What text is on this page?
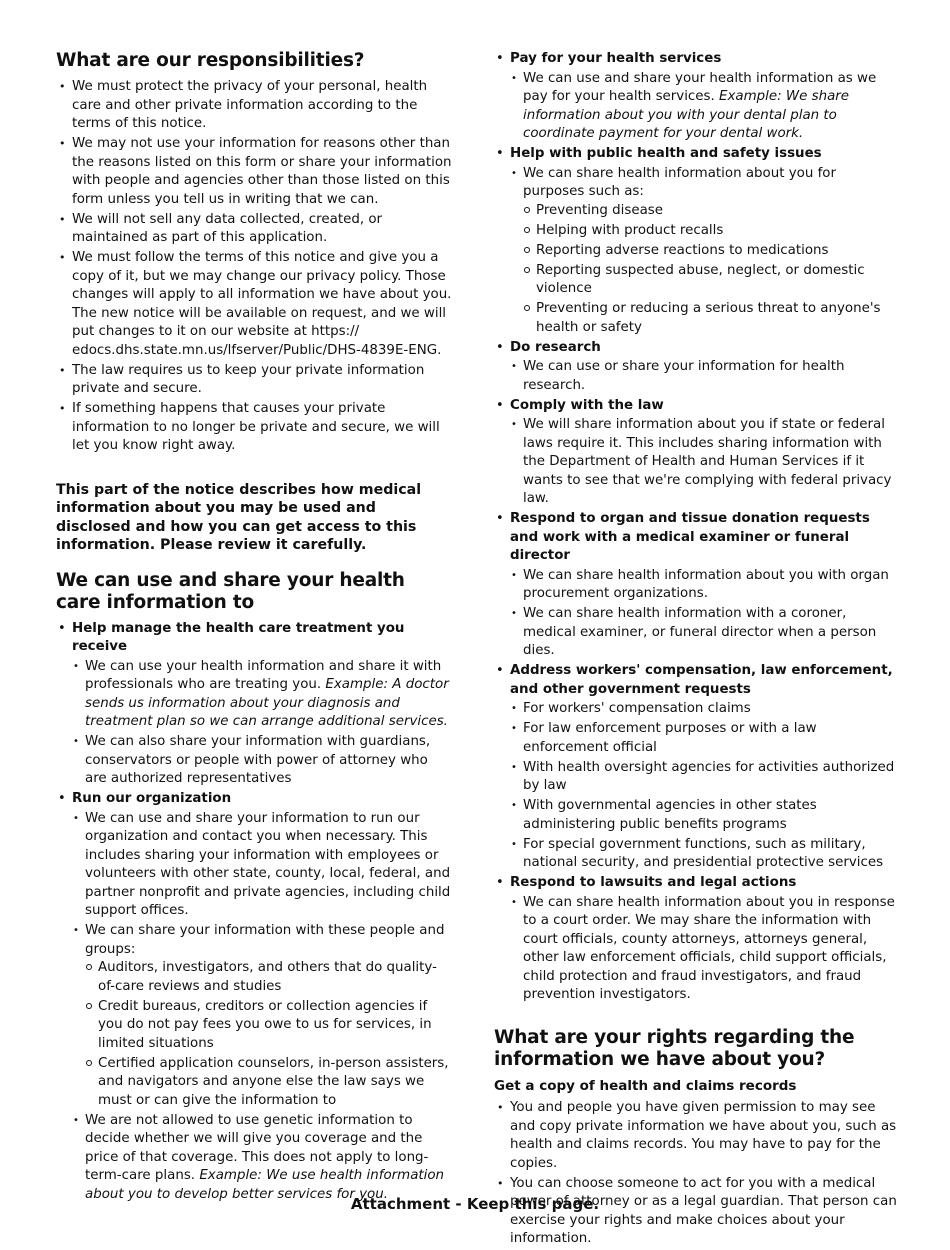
What are our responsibilities?
• We must protect the privacy of your personal, health care and other private information according to the terms of this notice.
• We may not use your information for reasons other than the reasons listed on this form or share your information with people and agencies other than those listed on this form unless you tell us in writing that we can.
• We will not sell any data collected, created, or maintained as part of this application.
• We must follow the terms of this notice and give you a copy of it, but we may change our privacy policy. Those changes will apply to all information we have about you. The new notice will be available on request, and we will put changes to it on our website at https:// edocs.dhs.state.mn.us/lfserver/Public/DHS-4839E-ENG.
• The law requires us to keep your private information private and secure.
• If something happens that causes your private information to no longer be private and secure, we will let you know right away.

This part of the notice describes how medical information about you may be used and disclosed and how you can get access to this information. Please review it carefully.

We can use and share your health care information to
• Help manage the health care treatment you receive
• We can use your health information and share it with professionals who are treating you. Example: A doctor sends us information about your diagnosis and treatment plan so we can arrange additional services.
• We can also share your information with guardians, conservators or people with power of attorney who are authorized representatives
• Run our organization
• We can use and share your information to run our organization and contact you when necessary. This includes sharing your information with employees or volunteers with other state, county, local, federal, and partner nonprofit and private agencies, including child support offices.
• We can share your information with these people and groups:
Auditors, investigators, and others that do quality-of-care reviews and studies
Credit bureaus, creditors or collection agencies if you do not pay fees you owe to us for services, in limited situations
Certified application counselors, in-person assisters, and navigators and anyone else the law says we must or can give the information to
• We are not allowed to use genetic information to decide whether we will give you coverage and the price of that coverage. This does not apply to long-term-care plans. Example: We use health information about you to develop better services for you.
• Pay for your health services
• We can use and share your health information as we pay for your health services. Example: We share information about you with your dental plan to coordinate payment for your dental work.
• Help with public health and safety issues
• We can share health information about you for purposes such as:
Preventing disease
Helping with product recalls
Reporting adverse reactions to medications
Reporting suspected abuse, neglect, or domestic violence
Preventing or reducing a serious threat to anyone's health or safety
• Do research
• We can use or share your information for health research.
• Comply with the law
• We will share information about you if state or federal laws require it. This includes sharing information with the Department of Health and Human Services if it wants to see that we're complying with federal privacy law.
• Respond to organ and tissue donation requests and work with a medical examiner or funeral director
• We can share health information about you with organ procurement organizations.
• We can share health information with a coroner, medical examiner, or funeral director when a person dies.
• Address workers' compensation, law enforcement, and other government requests
• For workers' compensation claims
• For law enforcement purposes or with a law enforcement official
• With health oversight agencies for activities authorized by law
• With governmental agencies in other states administering public benefits programs
• For special government functions, such as military, national security, and presidential protective services
• Respond to lawsuits and legal actions
• We can share health information about you in response to a court order. We may share the information with court officials, county attorneys, attorneys general, other law enforcement officials, child support officials, child protection and fraud investigators, and fraud prevention investigators.
What are your rights regarding the information we have about you?
Get a copy of health and claims records
• You and people you have given permission to may see and copy private information we have about you, such as health and claims records. You may have to pay for the copies.
• You can choose someone to act for you with a medical power of attorney or as a legal guardian. That person can exercise your rights and make choices about your information.
Attachment - Keep this page.
